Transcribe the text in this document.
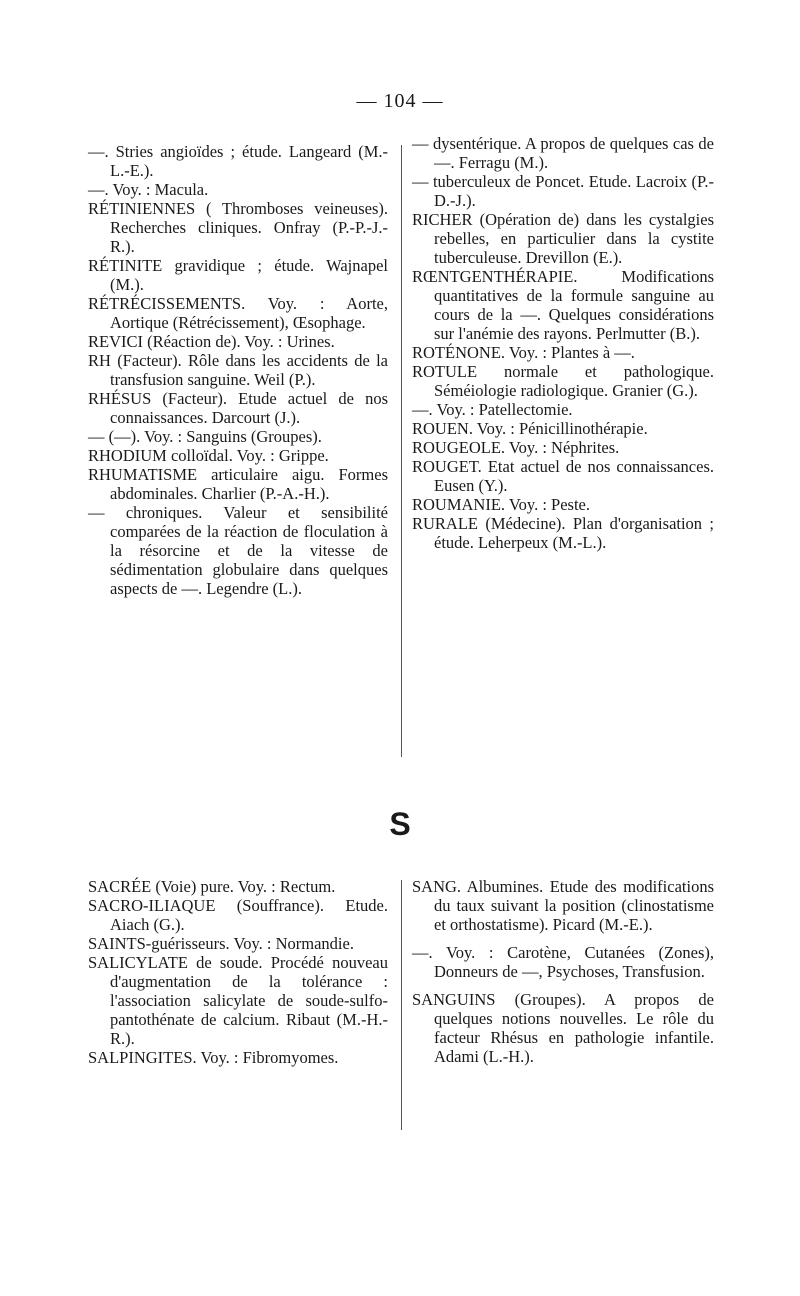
— 104 —

—. Stries angioïdes ; étude. Langeard (M.-L.-E.).

—. Voy. : Macula.

RÉTINIENNES ( Thromboses veineuses). Recherches cliniques. Onfray (P.-P.-J.-R.).

RÉTINITE gravidique ; étude. Wajnapel (M.).

RÉTRÉCISSEMENTS. Voy. : Aorte, Aortique (Rétrécissement), Œsophage.

REVICI (Réaction de). Voy. : Urines.

RH (Facteur). Rôle dans les accidents de la transfusion sanguine. Weil (P.).

RHÉSUS (Facteur). Etude actuel de nos connaissances. Darcourt (J.).

— (—). Voy. : Sanguins (Groupes).

RHODIUM colloïdal. Voy. : Grippe.

RHUMATISME articulaire aigu. Formes abdominales. Charlier (P.-A.-H.).

— chroniques. Valeur et sensibilité comparées de la réaction de floculation à la résorcine et de la vitesse de sédimentation globulaire dans quelques aspects de —. Legendre (L.).

— dysentérique. A propos de quelques cas de —. Ferragu (M.).

— tuberculeux de Poncet. Etude. Lacroix (P.-D.-J.).

RICHER (Opération de) dans les cystalgies rebelles, en particulier dans la cystite tuberculeuse. Drevillon (E.).

RŒNTGENTHÉRAPIE. Modifications quantitatives de la formule sanguine au cours de la —. Quelques considérations sur l'anémie des rayons. Perlmutter (B.).

ROTÉNONE. Voy. : Plantes à —.

ROTULE normale et pathologique. Séméiologie radiologique. Granier (G.).

—. Voy. : Patellectomie.

ROUEN. Voy. : Pénicillinothérapie.

ROUGEOLE. Voy. : Néphrites.

ROUGET. Etat actuel de nos connaissances. Eusen (Y.).

ROUMANIE. Voy. : Peste.

RURALE (Médecine). Plan d'organisation ; étude. Leherpeux (M.-L.).

S

SACRÉE (Voie) pure. Voy. : Rectum.

SACRO-ILIAQUE (Souffrance). Etude. Aiach (G.).

SAINTS-guérisseurs. Voy. : Normandie.

SALICYLATE de soude. Procédé nouveau d'augmentation de la tolérance : l'association salicylate de soude-sulfo-pantothénate de calcium. Ribaut (M.-H.-R.).

SALPINGITES. Voy. : Fibromyomes.

SANG. Albumines. Etude des modifications du taux suivant la position (clinostatisme et orthostatisme). Picard (M.-E.).

—. Voy. : Carotène, Cutanées (Zones), Donneurs de —, Psychoses, Transfusion.

SANGUINS (Groupes). A propos de quelques notions nouvelles. Le rôle du facteur Rhésus en pathologie infantile. Adami (L.-H.).
